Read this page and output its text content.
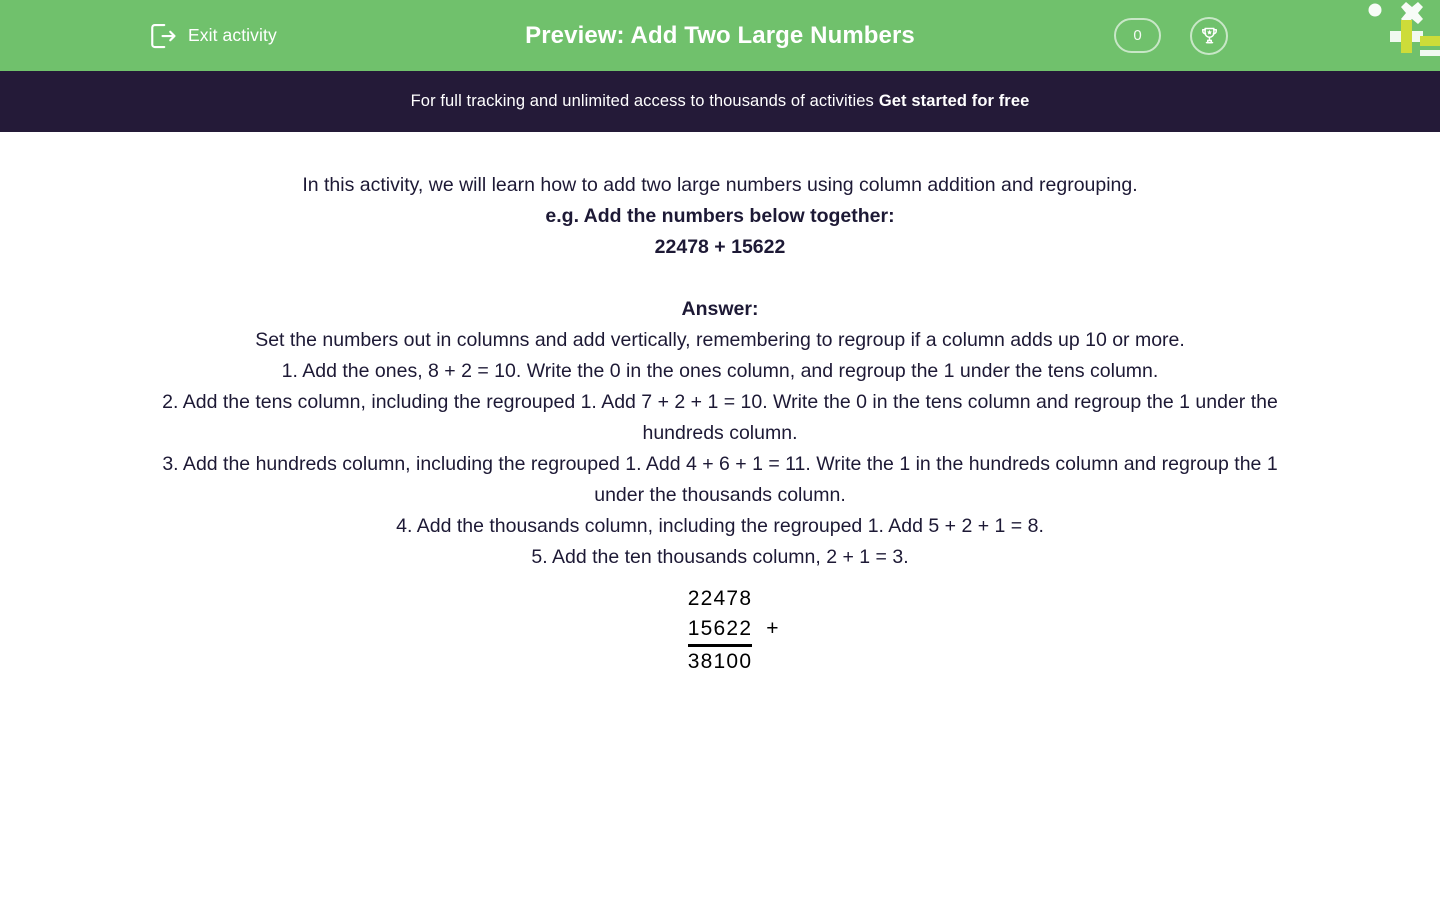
Exit activity	Preview: Add Two Large Numbers	0
For full tracking and unlimited access to thousands of activities Get started for free

In this activity, we will learn how to add two large numbers using column addition and regrouping.

e.g. Add the numbers below together:

22478 + 15622

Answer:

Set the numbers out in columns and add vertically, remembering to regroup if a column adds up 10 or more.

1. Add the ones, 8 + 2 = 10. Write the 0 in the ones column, and regroup the 1 under the tens column.

2. Add the tens column, including the regrouped 1. Add 7 + 2 + 1 = 10. Write the 0 in the tens column and regroup the 1 under the hundreds column.

3. Add the hundreds column, including the regrouped 1. Add 4 + 6 + 1 = 11. Write the 1 in the hundreds column and regroup the 1 under the thousands column.

4. Add the thousands column, including the regrouped 1. Add 5 + 2 + 1 = 8.

5. Add the ten thousands column, 2 + 1 = 3.

22478
15622 +
38100
